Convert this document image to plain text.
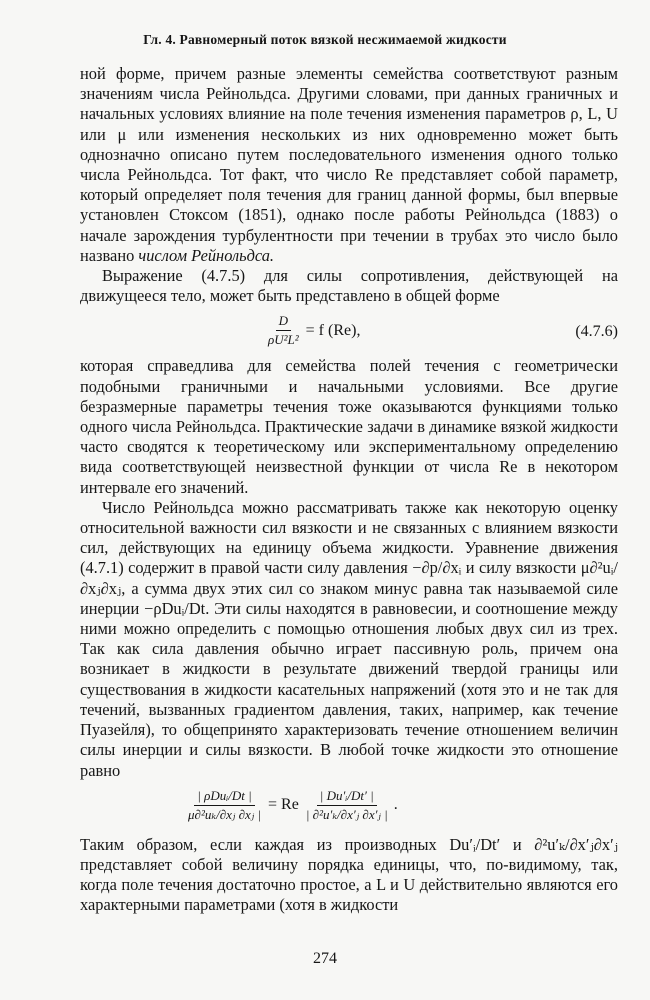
Гл. 4. Равномерный поток вязкой несжимаемой жидкости

ной форме, причем разные элементы семейства соответствуют разным значениям числа Рейнольдса. Другими словами, при данных граничных и начальных условиях влияние на поле течения изменения параметров ρ, L, U или μ или изменения нескольких из них одновременно может быть однозначно описано путем последовательного изменения одного только числа Рейнольдса. Тот факт, что число Re представляет собой параметр, который определяет поля течения для границ данной формы, был впервые установлен Стоксом (1851), однако после работы Рейнольдса (1883) о начале зарождения турбулентности при течении в трубах это число было названо числом Рейнольдса.

Выражение (4.7.5) для силы сопротивления, действующей на движущееся тело, может быть представлено в общей форме

$\frac{D}{\text{ρU²L²}} = f$ (Re),	(4.7.6)

которая справедлива для семейства полей течения с геометрически подобными граничными и начальными условиями. Все другие безразмерные параметры течения тоже оказываются функциями только одного числа Рейнольдса. Практические задачи в динамике вязкой жидкости часто сводятся к теоретическому или экспериментальному определению вида соответствующей неизвестной функции от числа Re в некотором интервале его значений.

Число Рейнольдса можно рассматривать также как некоторую оценку относительной важности сил вязкости и не связанных с влиянием вязкости сил, действующих на единицу объема жидкости. Уравнение движения (4.7.1) содержит в правой части силу давления −∂p/∂xᵢ и силу вязкости μ∂²uᵢ/∂xⱼ∂xⱼ, а сумма двух этих сил со знаком минус равна так называемой силе инерции −ρDuᵢ/Dt. Эти силы находятся в равновесии, и соотношение между ними можно определить с помощью отношения любых двух сил из трех. Так как сила давления обычно играет пассивную роль, причем она возникает в жидкости в результате движений твердой границы или существования в жидкости касательных напряжений (хотя это и не так для течений, вызванных градиентом давления, таких, например, как течение Пуазейля), то общепринято характеризовать течение отношением величин силы инерции и силы вязкости. В любой точке жидкости это отношение равно

$\frac{\text{| ρDuᵢ/Dt |}}{\text{μ∂²uₖ/∂xⱼ ∂xⱼ |}} = Re \frac{\text{| Du′ᵢ/Dt′ |}}{\text{| ∂²u′ₖ/∂x′ⱼ ∂x′ⱼ |}}$ .

Таким образом, если каждая из производных Du′ᵢ/Dt′ и ∂²u′ₖ/∂x′ⱼ∂x′ⱼ представляет собой величину порядка единицы, что, по-видимому, так, когда поле течения достаточно простое, а L и U действительно являются его характерными параметрами (хотя в жидкости

274
